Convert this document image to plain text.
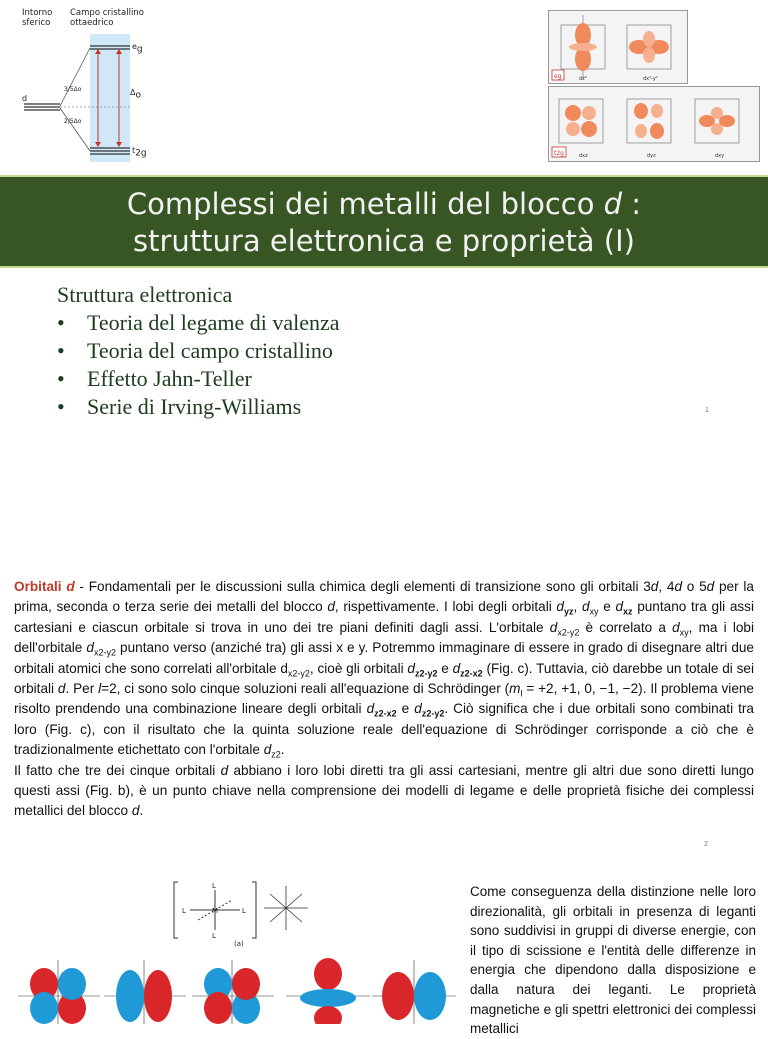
Intorno
sferico
Campo cristallino
ottaedrico
d
$e_g$
$t_{2g}$
$\Delta_o$
3/5Δo
2/5Δo
eg	dz²	dx²-y²
t2g	dxz	dyz	dxy
Complessi dei metalli del blocco d :
struttura elettronica e proprietà (I)
Struttura elettronica
• Teoria del legame di valenza
• Teoria del campo cristallino
• Effetto Jahn-Teller
• Serie di Irving-Williams	1

Orbitali d - Fondamentali per le discussioni sulla chimica degli elementi di transizione sono gli orbitali 3d, 4d o 5d per la prima, seconda o terza serie dei metalli del blocco d, rispettivamente. I lobi degli orbitali $d_{yz}$, $d_{xy}$ e $d_{xz}$ puntano tra gli assi cartesiani e ciascun orbitale si trova in uno dei tre piani definiti dagli assi. L'orbitale $d_{x2-y2}$ è correlato a $d_{xy}$, ma i lobi dell'orbitale $d_{x2-y2}$ puntano verso (anziché tra) gli assi x e y. Potremmo immaginare di essere in grado di disegnare altri due orbitali atomici che sono correlati all'orbitale $d_{x2-y2}$, cioè gli orbitali $d_{z2-y2}$ e $d_{z2-x2}$ (Fig. c). Tuttavia, ciò darebbe un totale di sei orbitali d. Per l=2, ci sono solo cinque soluzioni reali all'equazione di Schrödinger ($m_l = +2$, +1, 0, −1, −2). Il problema viene risolto prendendo una combinazione lineare degli orbitali $d_{z2-x2}$ e $d_{z2-y2}$. Ciò significa che i due orbitali sono combinati tra loro (Fig. c), con il risultato che la quinta soluzione reale dell'equazione di Schrödinger corrisponde a ciò che è tradizionalmente etichettato con l'orbitale $d_{z2}$.

Il fatto che tre dei cinque orbitali d abbiano i loro lobi diretti tra gli assi cartesiani, mentre gli altri due sono diretti lungo questi assi (Fig. b), è un punto chiave nella comprensione dei modelli di legame e delle proprietà fisiche dei complessi metallici del blocco d.

2
L
L
L	L
M
(a)
Come conseguenza della distinzione nelle loro direzionalità, gli orbitali in presenza di leganti sono suddivisi in gruppi di diverse energie, con il tipo di scissione e l'entità delle differenze in energia che dipendono dalla disposizione e dalla natura dei leganti. Le proprietà magnetiche e gli spettri elettronici dei complessi metallici
